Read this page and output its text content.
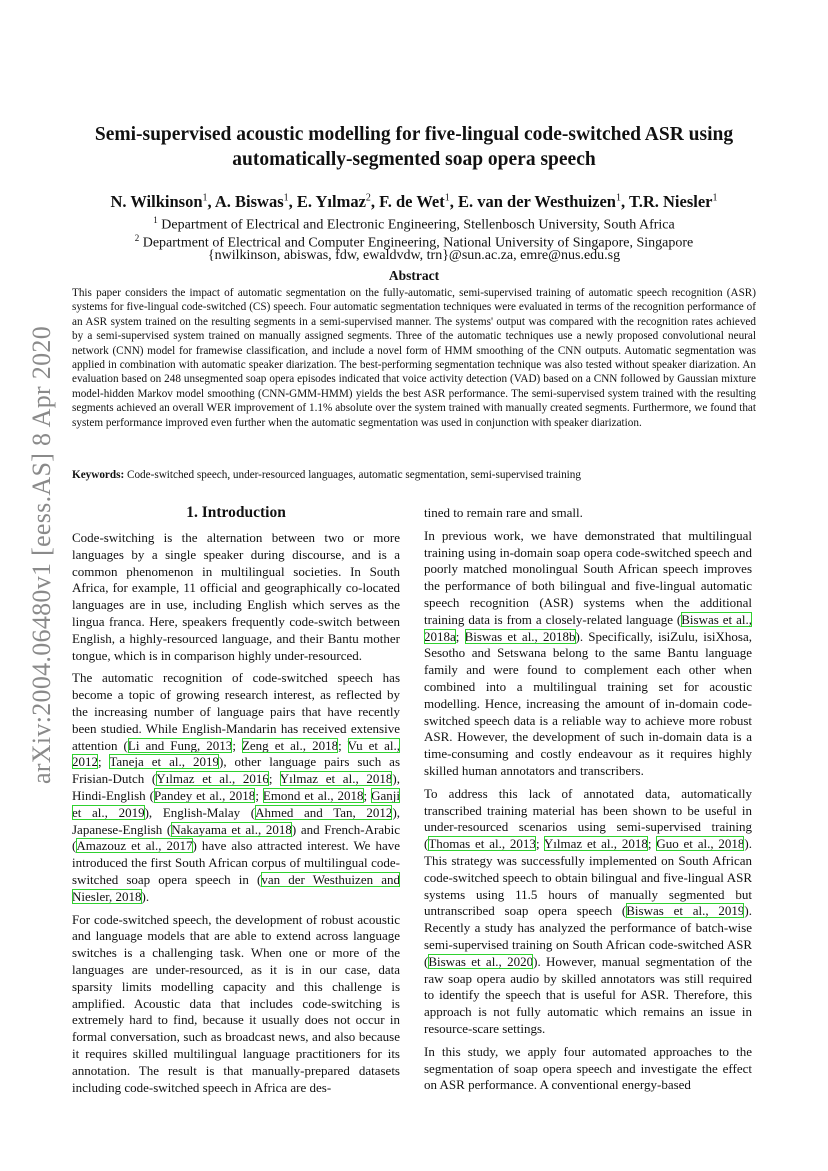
arXiv:2004.06480v1 [eess.AS] 8 Apr 2020
Semi-supervised acoustic modelling for five-lingual code-switched ASR using
automatically-segmented soap opera speech
N. Wilkinson$^1$, A. Biswas$^1$, E. Yılmaz$^2$, F. de Wet$^1$, E. van der Westhuizen$^1$, T.R. Niesler$^1$
$^1$ Department of Electrical and Electronic Engineering, Stellenbosch University, South Africa
$^2$ Department of Electrical and Computer Engineering, National University of Singapore, Singapore
{nwilkinson, abiswas, fdw, ewaldvdw, trn}@sun.ac.za, emre@nus.edu.sg
Abstract
This paper considers the impact of automatic segmentation on the fully-automatic, semi-supervised training of automatic speech recognition (ASR) systems for five-lingual code-switched (CS) speech. Four automatic segmentation techniques were evaluated in terms of the recognition performance of an ASR system trained on the resulting segments in a semi-supervised manner. The systems' output was compared with the recognition rates achieved by a semi-supervised system trained on manually assigned segments. Three of the automatic techniques use a newly proposed convolutional neural network (CNN) model for framewise classification, and include a novel form of HMM smoothing of the CNN outputs. Automatic segmentation was applied in combination with automatic speaker diarization. The best-performing segmentation technique was also tested without speaker diarization. An evaluation based on 248 unsegmented soap opera episodes indicated that voice activity detection (VAD) based on a CNN followed by Gaussian mixture model-hidden Markov model smoothing (CNN-GMM-HMM) yields the best ASR performance. The semi-supervised system trained with the resulting segments achieved an overall WER improvement of 1.1% absolute over the system trained with manually created segments. Furthermore, we found that system performance improved even further when the automatic segmentation was used in conjunction with speaker diarization.
Keywords: Code-switched speech, under-resourced languages, automatic segmentation, semi-supervised training
1. Introduction

Code-switching is the alternation between two or more languages by a single speaker during discourse, and is a common phenomenon in multilingual societies. In South Africa, for example, 11 official and geographically co-located languages are in use, including English which serves as the lingua franca. Here, speakers frequently code-switch between English, a highly-resourced language, and their Bantu mother tongue, which is in comparison highly under-resourced.

The automatic recognition of code-switched speech has become a topic of growing research interest, as reflected by the increasing number of language pairs that have recently been studied. While English-Mandarin has received extensive attention (Li and Fung, 2013; Zeng et al., 2018; Vu et al., 2012; Taneja et al., 2019), other language pairs such as Frisian-Dutch (Yılmaz et al., 2016; Yılmaz et al., 2018), Hindi-English (Pandey et al., 2018; Emond et al., 2018; Ganji et al., 2019), English-Malay (Ahmed and Tan, 2012), Japanese-English (Nakayama et al., 2018) and French-Arabic (Amazouz et al., 2017) have also attracted interest. We have introduced the first South African corpus of multilingual code-switched soap opera speech in (van der Westhuizen and Niesler, 2018).

For code-switched speech, the development of robust acoustic and language models that are able to extend across language switches is a challenging task. When one or more of the languages are under-resourced, as it is in our case, data sparsity limits modelling capacity and this challenge is amplified. Acoustic data that includes code-switching is extremely hard to find, because it usually does not occur in formal conversation, such as broadcast news, and also because it requires skilled multilingual language practitioners for its annotation. The result is that manually-prepared datasets including code-switched speech in Africa are des-

tined to remain rare and small.

In previous work, we have demonstrated that multilingual training using in-domain soap opera code-switched speech and poorly matched monolingual South African speech improves the performance of both bilingual and five-lingual automatic speech recognition (ASR) systems when the additional training data is from a closely-related language (Biswas et al., 2018a; Biswas et al., 2018b). Specifically, isiZulu, isiXhosa, Sesotho and Setswana belong to the same Bantu language family and were found to complement each other when combined into a multilingual training set for acoustic modelling. Hence, increasing the amount of in-domain code-switched speech data is a reliable way to achieve more robust ASR. However, the development of such in-domain data is a time-consuming and costly endeavour as it requires highly skilled human annotators and transcribers.

To address this lack of annotated data, automatically transcribed training material has been shown to be useful in under-resourced scenarios using semi-supervised training (Thomas et al., 2013; Yılmaz et al., 2018; Guo et al., 2018). This strategy was successfully implemented on South African code-switched speech to obtain bilingual and five-lingual ASR systems using 11.5 hours of manually segmented but untranscribed soap opera speech (Biswas et al., 2019). Recently a study has analyzed the performance of batch-wise semi-supervised training on South African code-switched ASR (Biswas et al., 2020). However, manual segmentation of the raw soap opera audio by skilled annotators was still required to identify the speech that is useful for ASR. Therefore, this approach is not fully automatic which remains an issue in resource-scare settings.

In this study, we apply four automated approaches to the segmentation of soap opera speech and investigate the effect on ASR performance. A conventional energy-based
